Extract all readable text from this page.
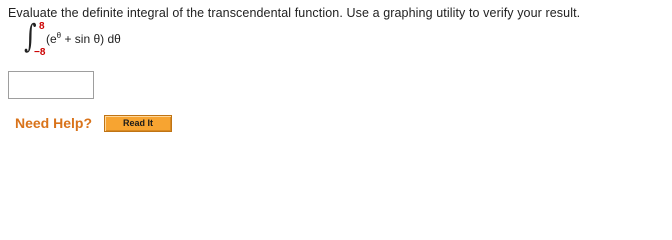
Evaluate the definite integral of the transcendental function. Use a graphing utility to verify your result.
∫ 8
−8
$(e^\theta + \sin \theta)$ dθ
Need Help?	Read It
